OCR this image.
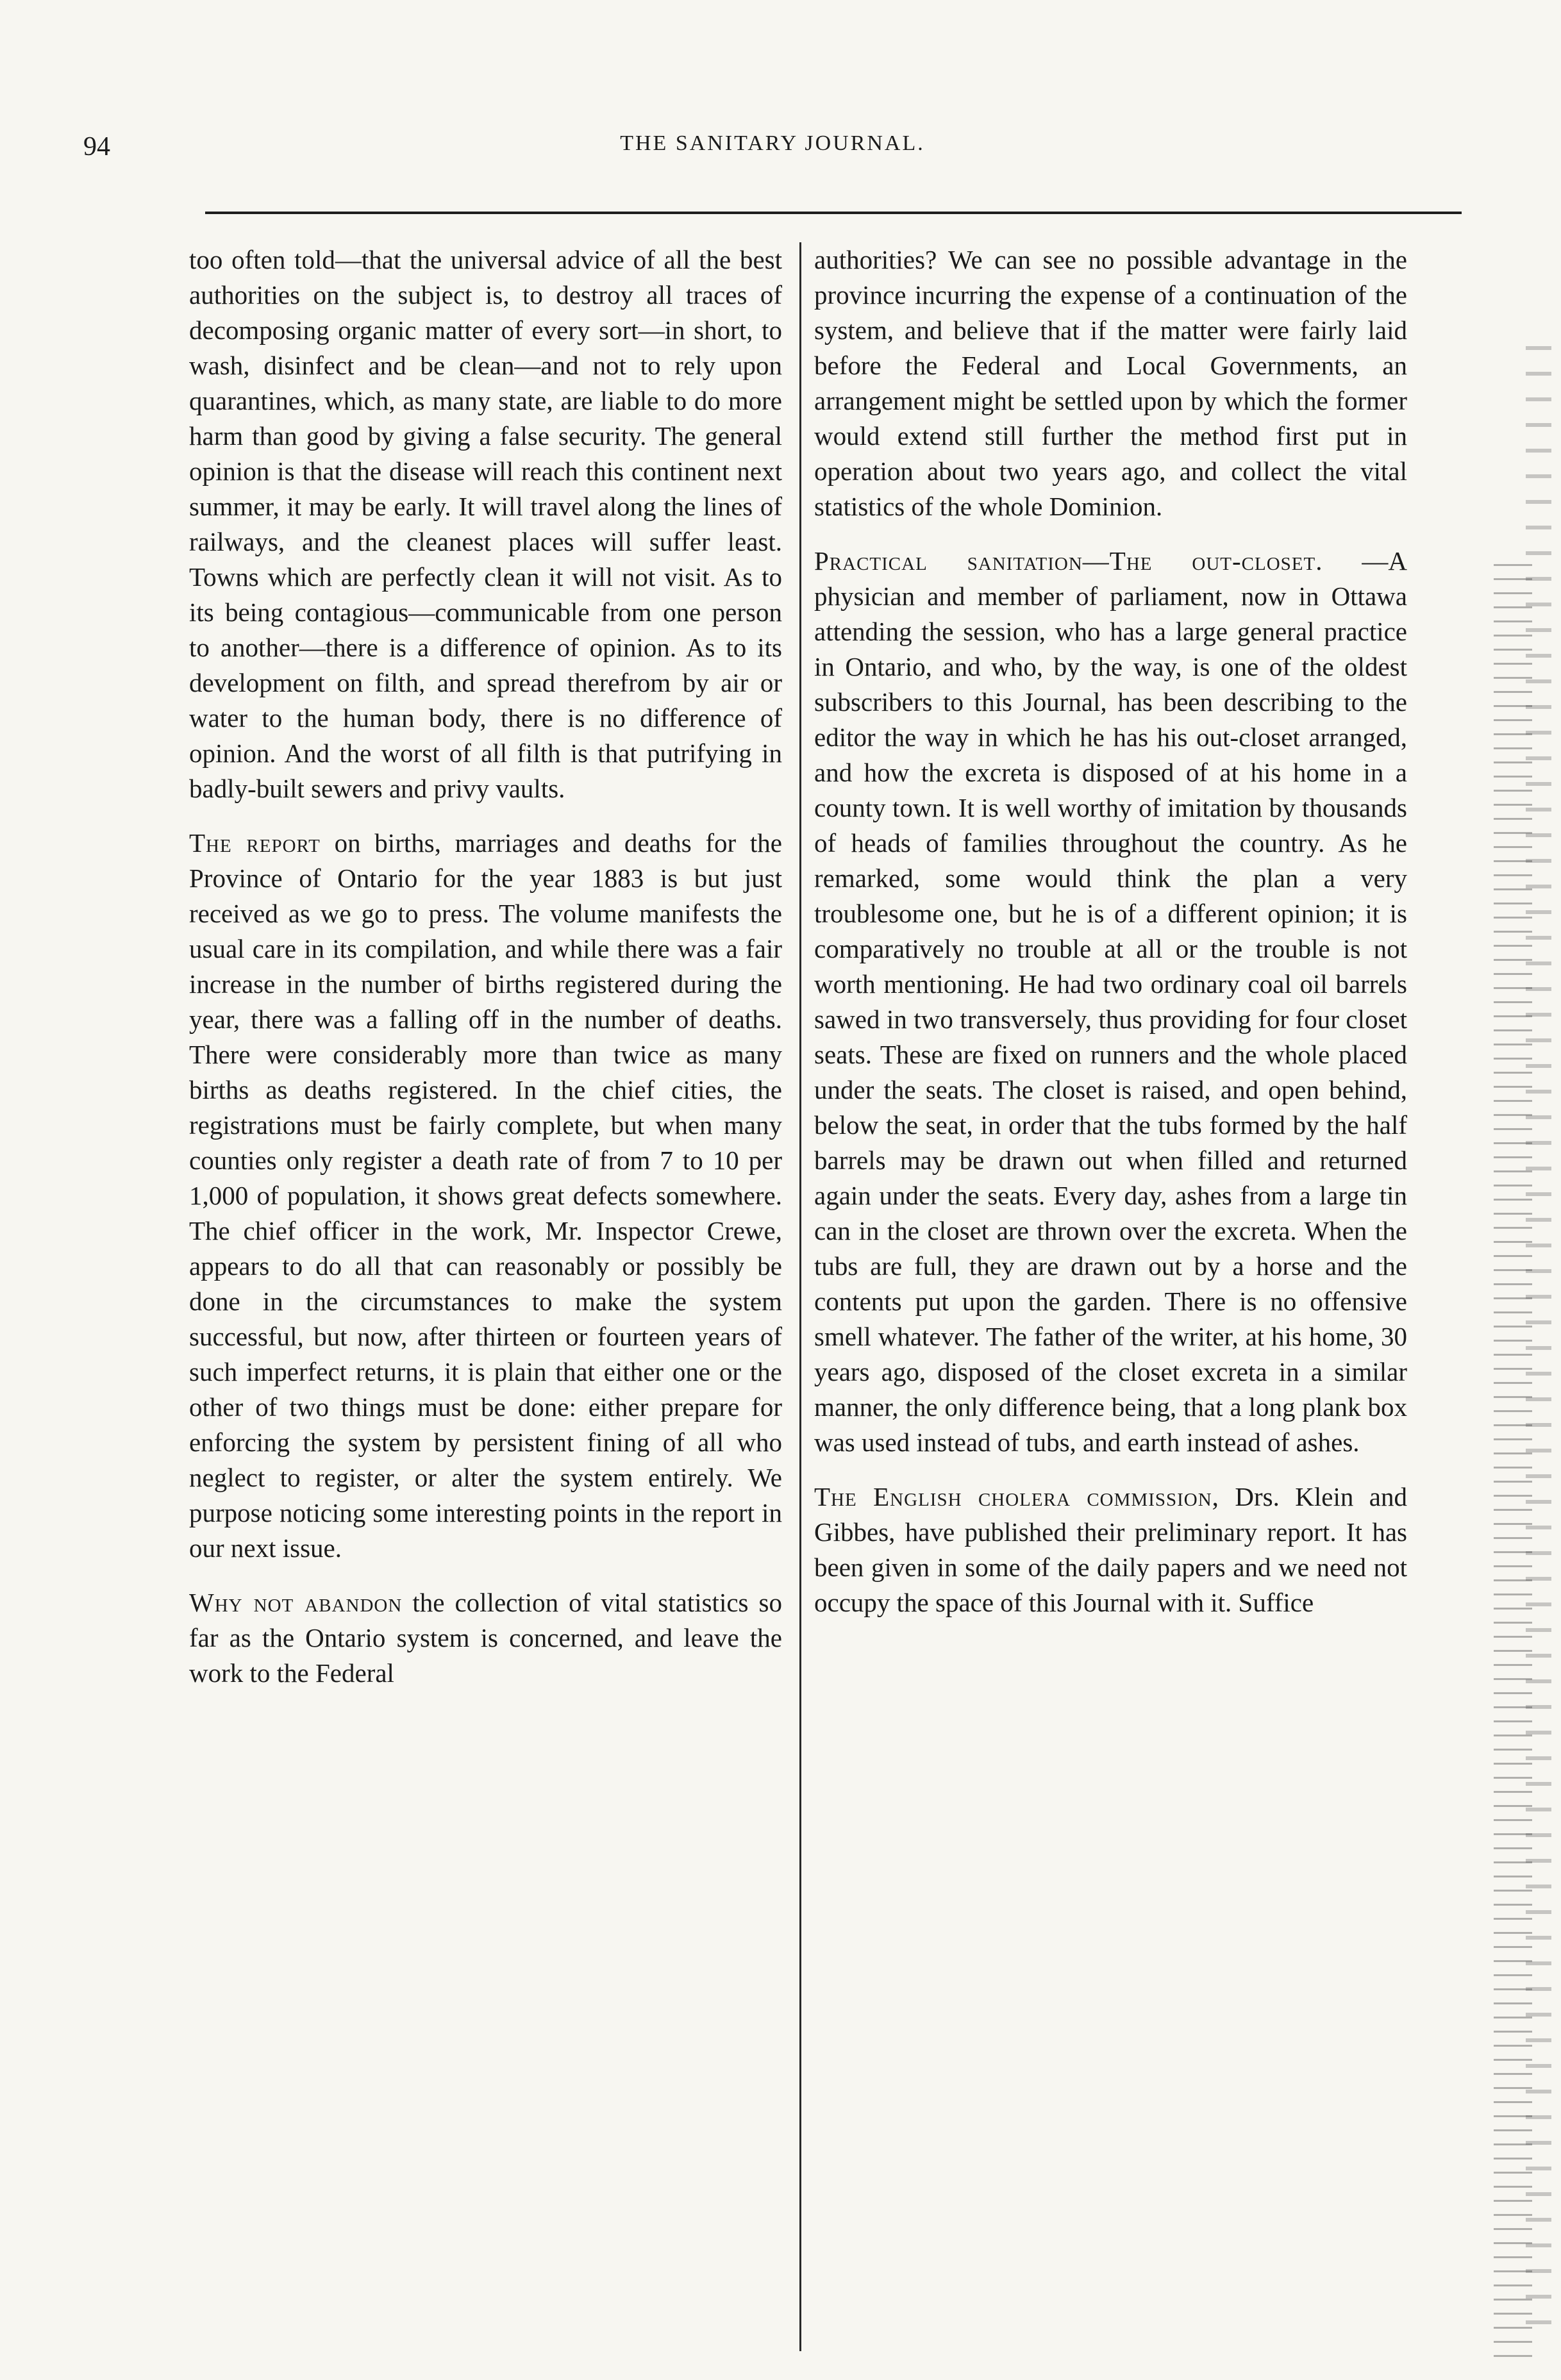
94	THE SANITARY JOURNAL.

too often told—that the universal advice of all the best authorities on the subject is, to destroy all traces of decomposing organic matter of every sort—in short, to wash, disinfect and be clean—and not to rely upon quarantines, which, as many state, are liable to do more harm than good by giving a false security. The general opinion is that the disease will reach this continent next summer, it may be early. It will travel along the lines of railways, and the cleanest places will suffer least. Towns which are perfectly clean it will not visit. As to its being contagious—communicable from one person to another—there is a difference of opinion. As to its development on filth, and spread therefrom by air or water to the human body, there is no difference of opinion. And the worst of all filth is that putrifying in badly-built sewers and privy vaults.

The report on births, marriages and deaths for the Province of Ontario for the year 1883 is but just received as we go to press. The volume manifests the usual care in its compilation, and while there was a fair increase in the number of births registered during the year, there was a falling off in the number of deaths. There were considerably more than twice as many births as deaths registered. In the chief cities, the registrations must be fairly complete, but when many counties only register a death rate of from 7 to 10 per 1,000 of population, it shows great defects somewhere. The chief officer in the work, Mr. Inspector Crewe, appears to do all that can reasonably or possibly be done in the circumstances to make the system successful, but now, after thirteen or fourteen years of such imperfect returns, it is plain that either one or the other of two things must be done: either prepare for enforcing the system by persistent fining of all who neglect to register, or alter the system entirely. We purpose noticing some interesting points in the report in our next issue.

Why not abandon the collection of vital statistics so far as the Ontario system is concerned, and leave the work to the Federal

authorities? We can see no possible advantage in the province incurring the expense of a continuation of the system, and believe that if the matter were fairly laid before the Federal and Local Governments, an arrangement might be settled upon by which the former would extend still further the method first put in operation about two years ago, and collect the vital statistics of the whole Dominion.

Practical sanitation—The out-closet. —A physician and member of parliament, now in Ottawa attending the session, who has a large general practice in Ontario, and who, by the way, is one of the oldest subscribers to this Journal, has been describing to the editor the way in which he has his out-closet arranged, and how the excreta is disposed of at his home in a county town. It is well worthy of imitation by thousands of heads of families throughout the country. As he remarked, some would think the plan a very troublesome one, but he is of a different opinion; it is comparatively no trouble at all or the trouble is not worth mentioning. He had two ordinary coal oil barrels sawed in two transversely, thus providing for four closet seats. These are fixed on runners and the whole placed under the seats. The closet is raised, and open behind, below the seat, in order that the tubs formed by the half barrels may be drawn out when filled and returned again under the seats. Every day, ashes from a large tin can in the closet are thrown over the excreta. When the tubs are full, they are drawn out by a horse and the contents put upon the garden. There is no offensive smell whatever. The father of the writer, at his home, 30 years ago, disposed of the closet excreta in a similar manner, the only difference being, that a long plank box was used instead of tubs, and earth instead of ashes.

The English cholera commission, Drs. Klein and Gibbes, have published their preliminary report. It has been given in some of the daily papers and we need not occupy the space of this Journal with it. Suffice
